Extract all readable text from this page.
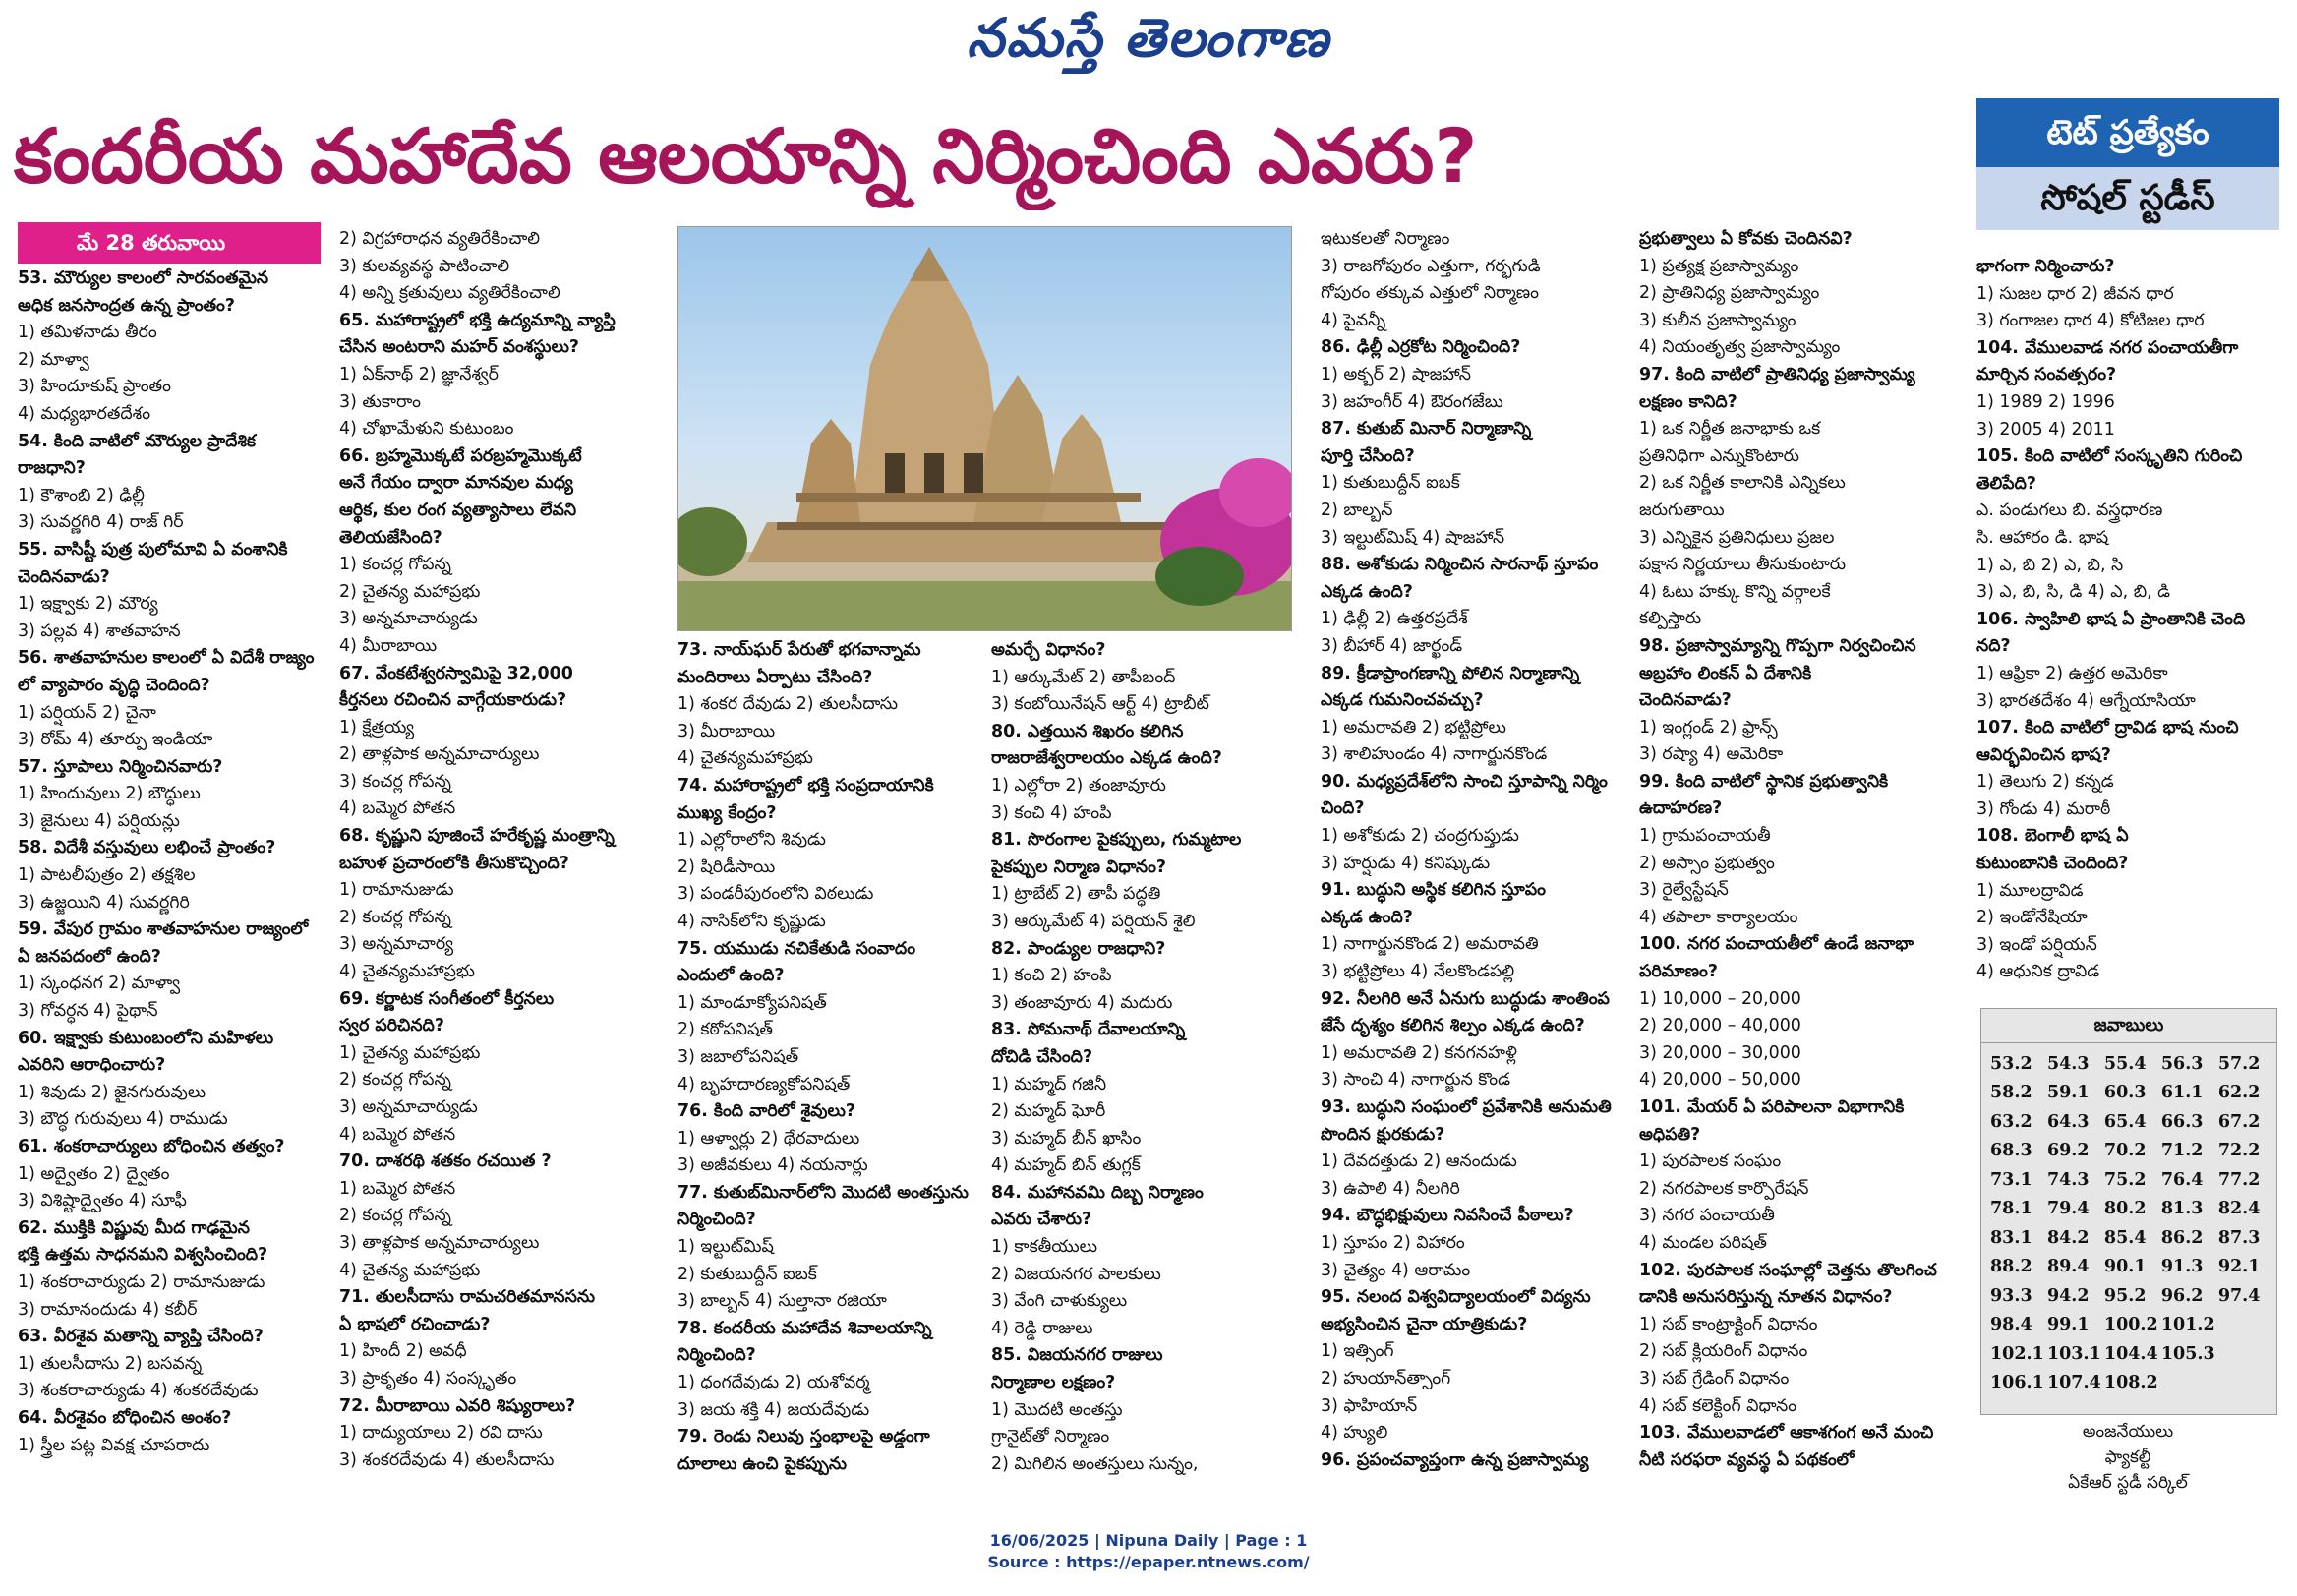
నమస్తే తెలంగాణ
కందరీయ మహాదేవ ఆలయాన్ని నిర్మించింది ఎవరు?	టెట్ ప్రత్యేకం
సోషల్ స్టడీస్
మే 28 తరువాయి
53. మౌర్యుల కాలంలో సారవంతమైన
అధిక జనసాంద్రత ఉన్న ప్రాంతం?
1) తమిళనాడు తీరం
2) మాళ్వా
3) హిందూకుష్ ప్రాంతం
4) మధ్యభారతదేశం
54. కింది వాటిలో మౌర్యుల ప్రాదేశిక
రాజధాని?
1) కౌశాంబి 2) ఢిల్లీ
3) సువర్ణగిరి 4) రాజ్ గిర్
55. వాసిష్టీ పుత్ర పులోమావి ఏ వంశానికి
చెందినవాడు?
1) ఇక్ష్వాకు 2) మౌర్య
3) పల్లవ 4) శాతవాహన
56. శాతవాహనుల కాలంలో ఏ విదేశీ రాజ్యం
లో వ్యాపారం వృద్ధి చెందింది?
1) పర్షియన్ 2) చైనా
3) రోమ్ 4) తూర్పు ఇండియా
57. స్తూపాలు నిర్మించినవారు?
1) హిందువులు 2) బౌద్ధులు
3) జైనులు 4) పర్షియన్లు
58. విదేశీ వస్తువులు లభించే ప్రాంతం?
1) పాటలీపుత్రం 2) తక్షశిల
3) ఉజ్జయిని 4) సువర్ణగిరి
59. వేపుర గ్రామం శాతవాహనుల రాజ్యంలో
ఏ జనపదంలో ఉంది?
1) స్కంధనగ 2) మాళ్వా
3) గోవర్ధన 4) పైథాన్
60. ఇక్ష్వాకు కుటుంబంలోని మహిళలు
ఎవరిని ఆరాధించారు?
1) శివుడు 2) జైనగురువులు
3) బౌద్ధ గురువులు 4) రాముడు
61. శంకరాచార్యులు బోధించిన తత్వం?
1) అద్వైతం 2) ద్వైతం
3) విశిష్టాద్వైతం 4) సూఫీ
62. ముక్తికి విష్ణువు మీద గాఢమైన
భక్తి ఉత్తమ సాధనమని విశ్వసించింది?
1) శంకరాచార్యుడు 2) రామానుజుడు
3) రామానందుడు 4) కబీర్
63. వీరశైవ మతాన్ని వ్యాప్తి చేసింది?
1) తులసీదాసు 2) బసవన్న
3) శంకరాచార్యుడు 4) శంకరదేవుడు
64. వీరశైవం బోధించిన అంశం?
1) స్త్రీల పట్ల వివక్ష చూపరాదు
2) విగ్రహారాధన వ్యతిరేకించాలి
3) కులవ్యవస్థ పాటించాలి
4) అన్ని క్రతువులు వ్యతిరేకించాలి
65. మహారాష్ట్రలో భక్తి ఉద్యమాన్ని వ్యాప్తి
చేసిన అంటరాని మహర్ వంశస్థులు?
1) ఏక్‌నాథ్ 2) జ్ఞానేశ్వర్
3) తుకారాం
4) చోఖామేళుని కుటుంబం
66. బ్రహ్మమొక్కటే పరబ్రహ్మమొక్కటే
అనే గేయం ద్వారా మానవుల మధ్య
ఆర్థిక, కుల రంగ వ్యత్యాసాలు లేవని
తెలియజేసింది?
1) కంచర్ల గోపన్న
2) చైతన్య మహాప్రభు
3) అన్నమాచార్యుడు
4) మీరాబాయి
67. వేంకటేశ్వరస్వామిపై 32,000
కీర్తనలు రచించిన వాగ్గేయకారుడు?
1) క్షేత్రయ్య
2) తాళ్లపాక అన్నమాచార్యులు
3) కంచర్ల గోపన్న
4) బమ్మెర పోతన
68. కృష్ణుని పూజించే హరేకృష్ణ మంత్రాన్ని
బహుళ ప్రచారంలోకి తీసుకొచ్చింది?
1) రామానుజుడు
2) కంచర్ల గోపన్న
3) అన్నమాచార్య
4) చైతన్యమహాప్రభు
69. కర్ణాటక సంగీతంలో కీర్తనలు
స్వర పరిచినది?
1) చైతన్య మహాప్రభు
2) కంచర్ల గోపన్న
3) అన్నమాచార్యుడు
4) బమ్మెర పోతన
70. దాశరథి శతకం రచయిత ?
1) బమ్మెర పోతన
2) కంచర్ల గోపన్న
3) తాళ్లపాక అన్నమాచార్యులు
4) చైతన్య మహాప్రభు
71. తులసీదాసు రామచరితమానసను
ఏ భాషలో రచించాడు?
1) హిందీ 2) అవధీ
3) ప్రాకృతం 4) సంస్కృతం
72. మీరాబాయి ఎవరి శిష్యురాలు?
1) దాద్యుయాలు 2) రవి దాసు
3) శంకరదేవుడు 4) తులసీదాసు
73. నాయ్‌ఘర్ పేరుతో భగవాన్నామ
మందిరాలు ఏర్పాటు చేసింది?
1) శంకర దేవుడు 2) తులసీదాసు
3) మీరాబాయి
4) చైతన్యమహాప్రభు
74. మహారాష్ట్రలో భక్తి సంప్రదాయానికి
ముఖ్య కేంద్రం?
1) ఎల్లోరాలోని శివుడు
2) షిరిడీసాయి
3) పండరీపురంలోని విఠలుడు
4) నాసిక్‌లోని కృష్ణుడు
75. యముడు నచికేతుడి సంవాదం
ఎందులో ఉంది?
1) మాండూక్యోపనిషత్
2) కఠోపనిషత్
3) జబాలోపనిషత్
4) బృహదారణ్యకోపనిషత్
76. కింది వారిలో శైవులు?
1) ఆళ్వార్లు 2) థేరవాదులు
3) అజీవకులు 4) నయనార్లు
77. కుతుబ్‌మినార్‌లోని మొదటి అంతస్తును
నిర్మించింది?
1) ఇల్టుట్‌మిష్
2) కుతుబుద్దీన్ ఐబక్
3) బాల్బన్ 4) సుల్తానా రజియా
78. కందరీయ మహాదేవ శివాలయాన్ని
నిర్మించింది?
1) ధంగదేవుడు 2) యశోవర్మ
3) జయ శక్తి 4) జయదేవుడు
79. రెండు నిలువు స్తంభాలపై అడ్డంగా
దూలాలు ఉంచి పైకప్పును
అమర్చే విధానం?
1) ఆర్కుమేట్ 2) తాపీబంద్
3) కంబోయినేషన్ ఆర్ట్ 4) ట్రాబీట్
80. ఎత్తయిన శిఖరం కలిగిన
రాజరాజేశ్వరాలయం ఎక్కడ ఉంది?
1) ఎల్లోరా 2) తంజావూరు
3) కంచి 4) హంపి
81. సొరంగాల పైకప్పులు, గుమ్మటాల
పైకప్పుల నిర్మాణ విధానం?
1) ట్రాబేట్ 2) తాపీ పద్ధతి
3) ఆర్కుమేట్ 4) పర్షియన్ శైలి
82. పాండ్యుల రాజధాని?
1) కంచి 2) హంపి
3) తంజావూరు 4) మదురు
83. సోమనాథ్ దేవాలయాన్ని
దోచిడి చేసింది?
1) మహ్మద్ గజినీ
2) మహ్మద్ ఘోరీ
3) మహ్మద్ బీన్ ఖాసిం
4) మహ్మద్ బిన్ తుగ్లక్
84. మహానవమి దిబ్బ నిర్మాణం
ఎవరు చేశారు?
1) కాకతీయులు
2) విజయనగర పాలకులు
3) వేంగి చాళుక్యులు
4) రెడ్డి రాజులు
85. విజయనగర రాజులు
నిర్మాణాల లక్షణం?
1) మొదటి అంతస్తు
గ్రానైట్‌తో నిర్మాణం
2) మిగిలిన అంతస్తులు సున్నం,
ఇటుకలతో నిర్మాణం
3) రాజగోపురం ఎత్తుగా, గర్భగుడి
గోపురం తక్కువ ఎత్తులో నిర్మాణం
4) పైవన్నీ
86. ఢిల్లీ ఎర్రకోట నిర్మించింది?
1) అక్బర్ 2) షాజహాన్
3) జహంగీర్ 4) ఔరంగజేబు
87. కుతుబ్ మినార్ నిర్మాణాన్ని
పూర్తి చేసింది?
1) కుతుబుద్దీన్ ఐబక్
2) బాల్బన్
3) ఇల్టుట్‌మిష్ 4) షాజహాన్
88. అశోకుడు నిర్మించిన సారనాథ్ స్తూపం
ఎక్కడ ఉంది?
1) ఢిల్లీ 2) ఉత్తరప్రదేశ్
3) బీహార్ 4) జార్ఖండ్
89. క్రీడాప్రాంగణాన్ని పోలిన నిర్మాణాన్ని
ఎక్కడ గుమనించవచ్చు?
1) అమరావతి 2) భట్టిప్రోలు
3) శాలిహుండం 4) నాగార్జునకొండ
90. మధ్యప్రదేశ్‌లోని సాంచి స్తూపాన్ని నిర్మిం
చింది?
1) అశోకుడు 2) చంద్రగుప్తుడు
3) హర్షుడు 4) కనిష్కుడు
91. బుద్ధుని అస్థిక కలిగిన స్తూపం
ఎక్కడ ఉంది?
1) నాగార్జునకొండ 2) అమరావతి
3) భట్టిప్రోలు 4) నేలకొండపల్లి
92. నీలగిరి అనే ఏనుగు బుద్ధుడు శాంతింప
జేసే దృశ్యం కలిగిన శిల్పం ఎక్కడ ఉంది?
1) అమరావతి 2) కనగనహళ్లి
3) సాంచి 4) నాగార్జున కొండ
93. బుద్ధుని సంఘంలో ప్రవేశానికి అనుమతి
పొందిన క్షురకుడు?
1) దేవదత్తుడు 2) ఆనందుడు
3) ఉపాలి 4) నీలగిరి
94. బౌద్ధభిక్షువులు నివసించే పీఠాలు?
1) స్తూపం 2) విహారం
3) చైత్యం 4) ఆరామం
95. నలంద విశ్వవిద్యాలయంలో విద్యను
అభ్యసించిన చైనా యాత్రికుడు?
1) ఇత్సింగ్
2) హుయాన్‌త్సాంగ్
3) ఫాహియాన్
4) హ్యులి
96. ప్రపంచవ్యాప్తంగా ఉన్న ప్రజాస్వామ్య
ప్రభుత్వాలు ఏ కోవకు చెందినవి?
1) ప్రత్యక్ష ప్రజాస్వామ్యం
2) ప్రాతినిధ్య ప్రజాస్వామ్యం
3) కులీన ప్రజాస్వామ్యం
4) నియంతృత్వ ప్రజాస్వామ్యం
97. కింది వాటిలో ప్రాతినిధ్య ప్రజాస్వామ్య
లక్షణం కానిది?
1) ఒక నిర్ణీత జనాభాకు ఒక
ప్రతినిధిగా ఎన్నుకొంటారు
2) ఒక నిర్ణీత కాలానికి ఎన్నికలు
జరుగుతాయి
3) ఎన్నికైన ప్రతినిధులు ప్రజల
పక్షాన నిర్ణయాలు తీసుకుంటారు
4) ఓటు హక్కు కొన్ని వర్గాలకే
కల్పిస్తారు
98. ప్రజాస్వామ్యాన్ని గొప్పగా నిర్వచించిన
అబ్రహాం లింకన్ ఏ దేశానికి
చెందినవాడు?
1) ఇంగ్లండ్ 2) ఫ్రాన్స్
3) రష్యా 4) అమెరికా
99. కింది వాటిలో స్థానిక ప్రభుత్వానికి
ఉదాహరణ?
1) గ్రామపంచాయతీ
2) అస్సాం ప్రభుత్వం
3) రైల్వేస్టేషన్
4) తపాలా కార్యాలయం
100. నగర పంచాయతీలో ఉండే జనాభా
పరిమాణం?
1) 10,000 – 20,000
2) 20,000 – 40,000
3) 20,000 – 30,000
4) 20,000 – 50,000
101. మేయర్ ఏ పరిపాలనా విభాగానికి
అధిపతి?
1) పురపాలక సంఘం
2) నగరపాలక కార్పొరేషన్
3) నగర పంచాయతీ
4) మండల పరిషత్
102. పురపాలక సంఘాల్లో చెత్తను తొలగించ
డానికి అనుసరిస్తున్న నూతన విధానం?
1) సబ్ కాంట్రాక్టింగ్ విధానం
2) సబ్ క్లియరింగ్ విధానం
3) సబ్ గ్రేడింగ్ విధానం
4) సబ్ కలెక్టింగ్ విధానం
103. వేములవాడలో ఆకాశగంగ అనే మంచి
నీటి సరఫరా వ్యవస్థ ఏ పథకంలో
భాగంగా నిర్మించారు?
1) సుజల ధార 2) జీవన ధార
3) గంగాజల ధార 4) కోటిజల ధార
104. వేములవాడ నగర పంచాయతీగా
మార్చిన సంవత్సరం?
1) 1989 2) 1996
3) 2005 4) 2011
105. కింది వాటిలో సంస్కృతిని గురించి
తెలిపేది?
ఎ. పండుగలు బి. వస్త్రధారణ
సి. ఆహారం డి. భాష
1) ఎ, బి 2) ఎ, బి, సి
3) ఎ, బి, సి, డి 4) ఎ, బి, డి
106. స్వాహిలి భాష ఏ ప్రాంతానికి చెంది
నది?
1) ఆఫ్రికా 2) ఉత్తర అమెరికా
3) భారతదేశం 4) ఆగ్నేయాసియా
107. కింది వాటిలో ద్రావిడ భాష నుంచి
ఆవిర్భవించిన భాష?
1) తెలుగు 2) కన్నడ
3) గోండు 4) మరాఠీ
108. బెంగాలీ భాష ఏ
కుటుంబానికి చెందింది?
1) మూలద్రావిడ
2) ఇండోనేషియా
3) ఇండో పర్షియన్
4) ఆధునిక ద్రావిడ
జవాబులు
53.2	54.3	55.4	56.3	57.2
58.2	59.1	60.3	61.1	62.2
63.2	64.3	65.4	66.3	67.2
68.3	69.2	70.2	71.2	72.2
73.1	74.3	75.2	76.4	77.2
78.1	79.4	80.2	81.3	82.4
83.1	84.2	85.4	86.2	87.3
88.2	89.4	90.1	91.3	92.1
93.3	94.2	95.2	96.2	97.4
98.4	99.1	100.2	101.2	
102.1	103.1	104.4	105.3	
106.1	107.4	108.2		
అంజనేయులు
ఫ్యాకల్టీ
ఏకేఆర్ స్టడీ సర్కిల్
16/06/2025 | Nipuna Daily | Page : 1
Source : https://epaper.ntnews.com/
